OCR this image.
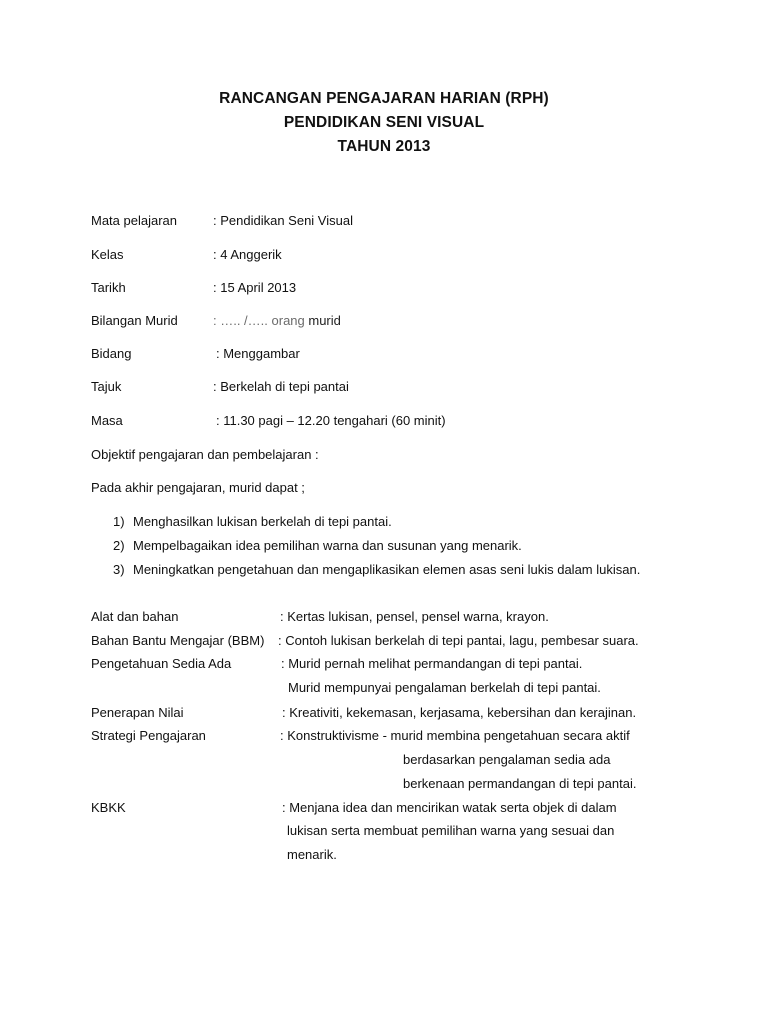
RANCANGAN PENGAJARAN HARIAN (RPH)
PENDIDIKAN SENI VISUAL
TAHUN 2013
Mata pelajaran	: Pendidikan Seni Visual
Kelas	: 4 Anggerik
Tarikh	: 15 April 2013
Bilangan Murid	: ….. /….. orang murid
Bidang	: Menggambar
Tajuk	: Berkelah di tepi pantai
Masa	: 11.30 pagi – 12.20 tengahari (60 minit)
Objektif pengajaran dan pembelajaran :
Pada akhir pengajaran, murid dapat ;
1) Menghasilkan lukisan berkelah di tepi pantai.
2) Mempelbagaikan idea pemilihan warna dan susunan yang menarik.
3) Meningkatkan pengetahuan dan mengaplikasikan elemen asas seni lukis dalam lukisan.
Alat dan bahan	: Kertas lukisan, pensel, pensel warna, krayon.
Bahan Bantu Mengajar (BBM) : Contoh lukisan berkelah di tepi pantai, lagu, pembesar suara.
Pengetahuan Sedia Ada	: Murid pernah melihat permandangan di tepi pantai.
Murid mempunyai pengalaman berkelah di tepi pantai.
Penerapan Nilai	: Kreativiti, kekemasan, kerjasama, kebersihan dan kerajinan.
Strategi Pengajaran	: Konstruktivisme - murid membina pengetahuan secara aktif
berdasarkan pengalaman sedia ada
berkenaan permandangan di tepi pantai.
KBKK	: Menjana idea dan mencirikan watak serta objek di dalam
lukisan serta membuat pemilihan warna yang sesuai dan
menarik.
